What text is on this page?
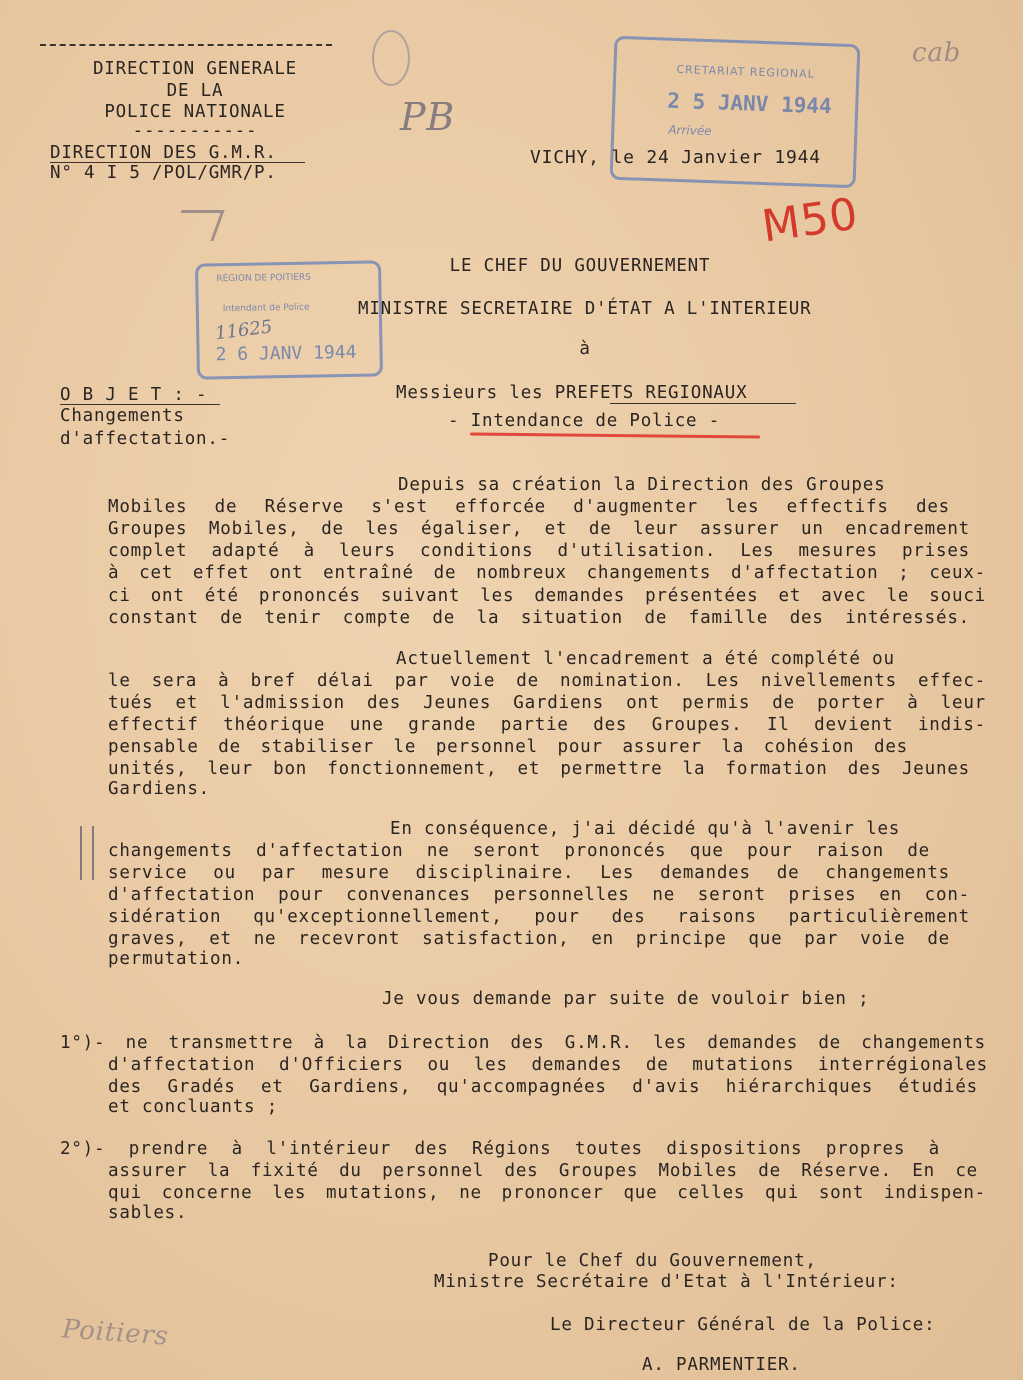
DIRECTION GENERALE
DE LA
POLICE NATIONALE
-----------
DIRECTION DES G.M.R.
N° 4 I 5 /POL/GMR/P.
PB
cab
M50
Poitiers
CRETARIAT REGIONAL
2 5 JANV 1944
Arrivée
RÉGION DE POITIERS
Intendant de Police
11625
2 6 JANV 1944
VICHY, le 24 Janvier 1944
LE CHEF DU GOUVERNEMENT
MINISTRE SECRETAIRE D'ÉTAT A L'INTERIEUR
à
Messieurs les PREFETS REGIONAUX
- Intendance de Police -
O B J E T : -
Changements
d'affectation.-
Depuis sa création la Direction des Groupes
Mobiles de Réserve s'est efforcée d'augmenter les effectifs des
Groupes Mobiles, de les égaliser, et de leur assurer un encadrement
complet adapté à leurs conditions d'utilisation. Les mesures prises
à cet effet ont entraîné de nombreux changements d'affectation ; ceux-
ci ont été prononcés suivant les demandes présentées et avec le souci
constant de tenir compte de la situation de famille des intéressés.
Actuellement l'encadrement a été complété ou
le sera à bref délai par voie de nomination. Les nivellements effec-
tués et l'admission des Jeunes Gardiens ont permis de porter à leur
effectif théorique une grande partie des Groupes. Il devient indis-
pensable de stabiliser le personnel pour assurer la cohésion des
unités, leur bon fonctionnement, et permettre la formation des Jeunes
Gardiens.
En conséquence, j'ai décidé qu'à l'avenir les
changements d'affectation ne seront prononcés que pour raison de
service ou par mesure disciplinaire. Les demandes de changements
d'affectation pour convenances personnelles ne seront prises en con-
sidération qu'exceptionnellement, pour des raisons particulièrement
graves, et ne recevront satisfaction, en principe que par voie de
permutation.
Je vous demande par suite de vouloir bien ;
1°)- ne transmettre à la Direction des G.M.R. les demandes de changements
d'affectation d'Officiers ou les demandes de mutations interrégionales
des Gradés et Gardiens, qu'accompagnées d'avis hiérarchiques étudiés
et concluants ;
2°)- prendre à l'intérieur des Régions toutes dispositions propres à
assurer la fixité du personnel des Groupes Mobiles de Réserve. En ce
qui concerne les mutations, ne prononcer que celles qui sont indispen-
sables.
Pour le Chef du Gouvernement,
Ministre Secrétaire d'Etat à l'Intérieur:
Le Directeur Général de la Police:
A. PARMENTIER.
